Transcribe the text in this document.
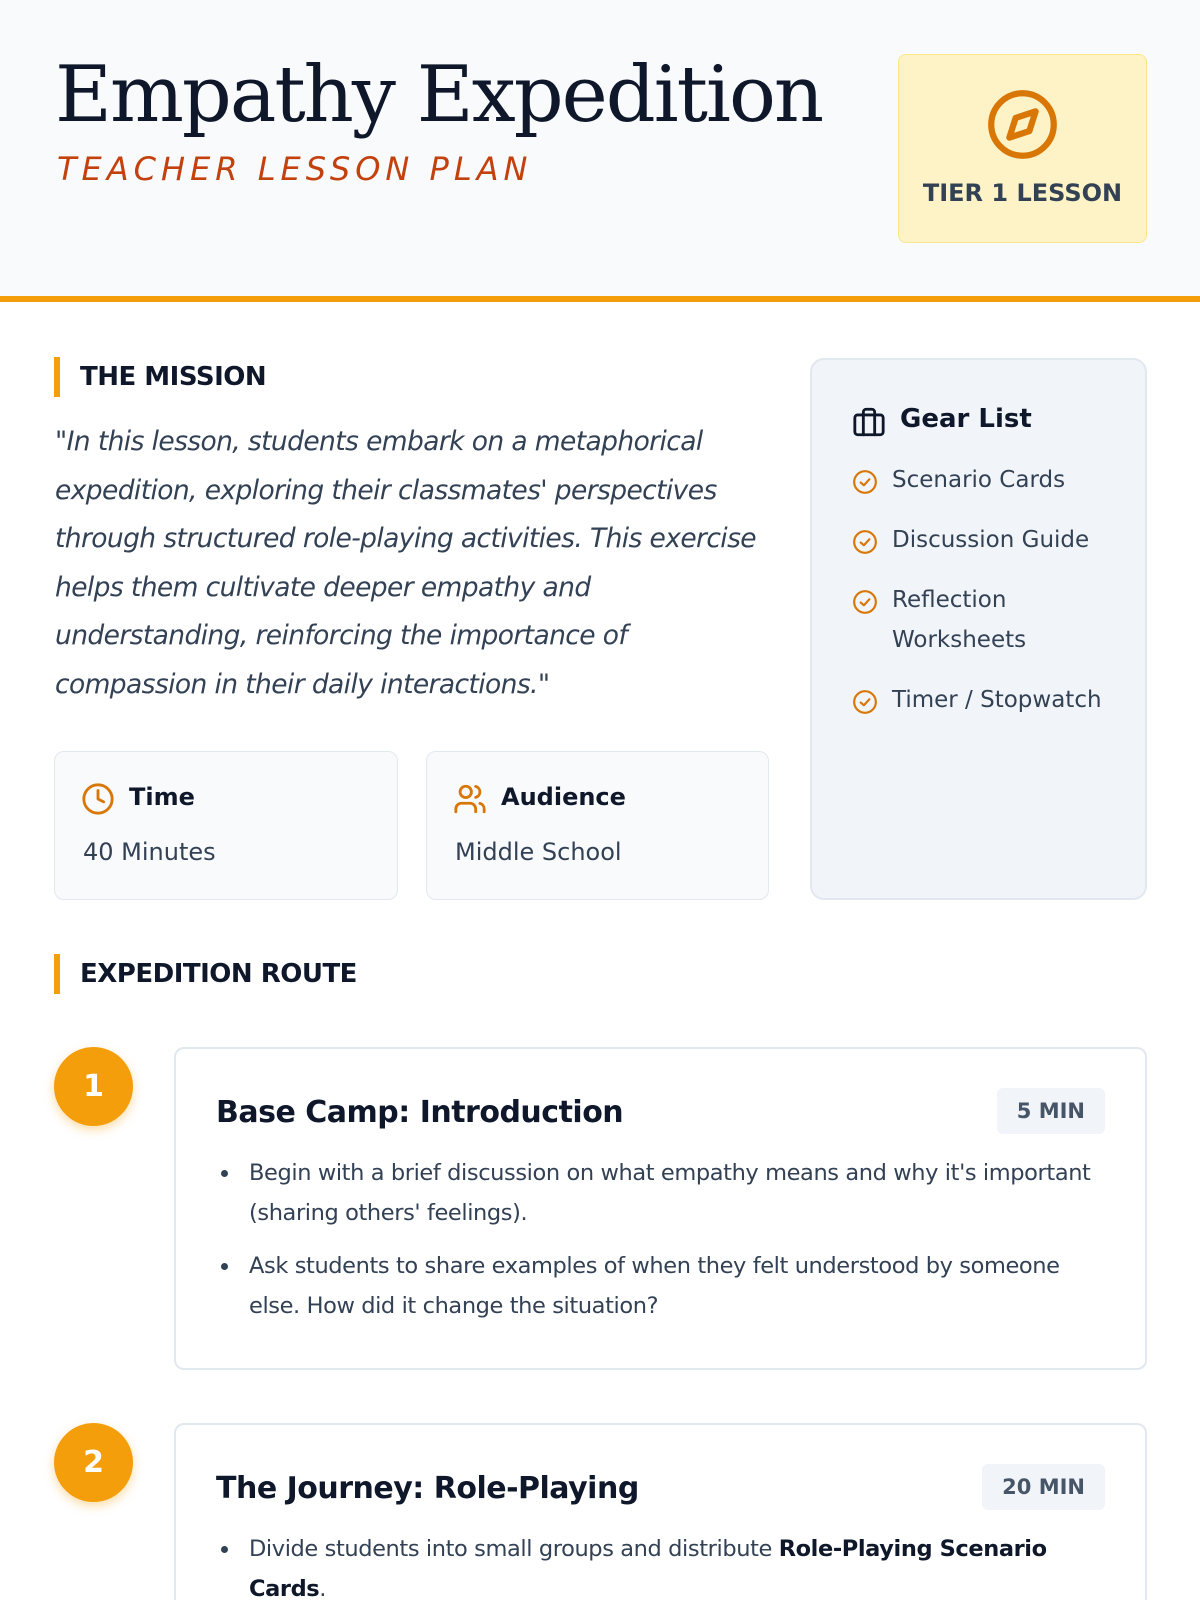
Empathy Expedition
TEACHER LESSON PLAN
TIER 1 LESSON
THE MISSION

"In this lesson, students embark on a metaphorical expedition, exploring their classmates' perspectives through structured role-playing activities. This exercise helps them cultivate deeper empathy and understanding, reinforcing the importance of compassion in their daily interactions."

Time
40 Minutes
Audience
Middle School
Gear List
Scenario Cards
Discussion Guide
Reflection Worksheets
Timer / Stopwatch
EXPEDITION ROUTE
1
Base Camp: Introduction	5 MIN
Begin with a brief discussion on what empathy means and why it's important (sharing others' feelings).
Ask students to share examples of when they felt understood by someone else. How did it change the situation?
2
The Journey: Role-Playing	20 MIN
Divide students into small groups and distribute Role-Playing Scenario Cards.
